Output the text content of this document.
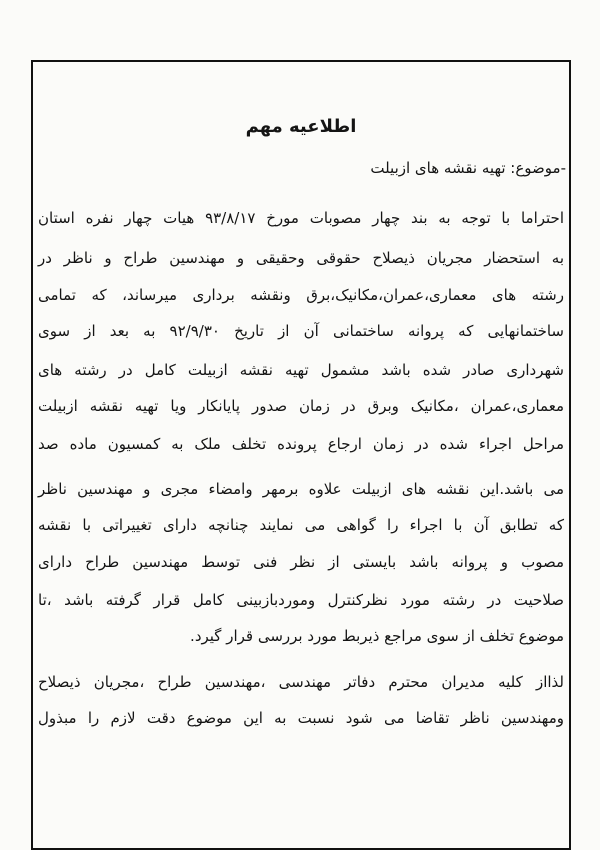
اطلاعیه مهم
-موضوع: تهیه نقشه های ازبیلت
احتراما با توجه به بند چهار مصوبات مورخ ۹۳/۸/۱۷ هیات چهار نفره استان
به استحضار مجریان ذیصلاح حقوقی وحقیقی و مهندسین طراح و ناظر در
رشته های معماری،عمران،مکانیک،برق ونقشه برداری میرساند، که تمامی
ساختمانهایی که پروانه ساختمانی آن از تاریخ ۹۲/۹/۳۰ به بعد از سوی
شهرداری صادر شده باشد مشمول تهیه نقشه ازبیلت کامل در رشته های
معماری،عمران ،مکانیک وبرق در زمان صدور پایانکار ویا تهیه نقشه ازبیلت
مراحل اجراء شده در زمان ارجاع پرونده تخلف ملک به کمسیون ماده صد
می باشد.این نقشه های ازبیلت علاوه برمهر وامضاء مجری و مهندسین ناظر
که تطابق آن با اجراء را گواهی می نمایند چنانچه دارای تغییراتی با نقشه
مصوب و پروانه باشد بایستی از نظر فنی توسط مهندسین طراح دارای
صلاحیت در رشته مورد نظرکنترل وموردبازبینی کامل قرار گرفته باشد ،تا
موضوع تخلف از سوی مراجع ذیربط مورد بررسی قرار گیرد.
لذااز کلیه مدیران محترم دفاتر مهندسی ،مهندسین طراح ،مجریان ذیصلاح
ومهندسین ناظر تقاضا می شود نسبت به این موضوع دقت لازم را مبذول
